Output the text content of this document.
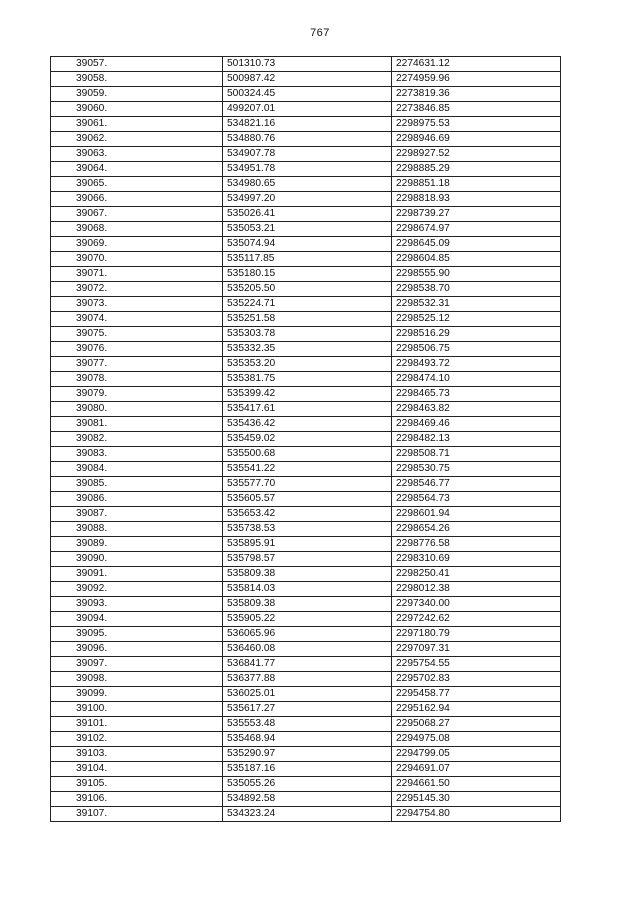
767
39057.	501310.73	2274631.12
39058.	500987.42	2274959.96
39059.	500324.45	2273819.36
39060.	499207.01	2273846.85
39061.	534821.16	2298975.53
39062.	534880.76	2298946.69
39063.	534907.78	2298927.52
39064.	534951.78	2298885.29
39065.	534980.65	2298851.18
39066.	534997.20	2298818.93
39067.	535026.41	2298739.27
39068.	535053.21	2298674.97
39069.	535074.94	2298645.09
39070.	535117.85	2298604.85
39071.	535180.15	2298555.90
39072.	535205.50	2298538.70
39073.	535224.71	2298532.31
39074.	535251.58	2298525.12
39075.	535303.78	2298516.29
39076.	535332.35	2298506.75
39077.	535353.20	2298493.72
39078.	535381.75	2298474.10
39079.	535399.42	2298465.73
39080.	535417.61	2298463.82
39081.	535436.42	2298469.46
39082.	535459.02	2298482.13
39083.	535500.68	2298508.71
39084.	535541.22	2298530.75
39085.	535577.70	2298546.77
39086.	535605.57	2298564.73
39087.	535653.42	2298601.94
39088.	535738.53	2298654.26
39089.	535895.91	2298776.58
39090.	535798.57	2298310.69
39091.	535809.38	2298250.41
39092.	535814.03	2298012.38
39093.	535809.38	2297340.00
39094.	535905.22	2297242.62
39095.	536065.96	2297180.79
39096.	536460.08	2297097.31
39097.	536841.77	2295754.55
39098.	536377.88	2295702.83
39099.	536025.01	2295458.77
39100.	535617.27	2295162.94
39101.	535553.48	2295068.27
39102.	535468.94	2294975.08
39103.	535290.97	2294799.05
39104.	535187.16	2294691.07
39105.	535055.26	2294661.50
39106.	534892.58	2295145.30
39107.	534323.24	2294754.80
